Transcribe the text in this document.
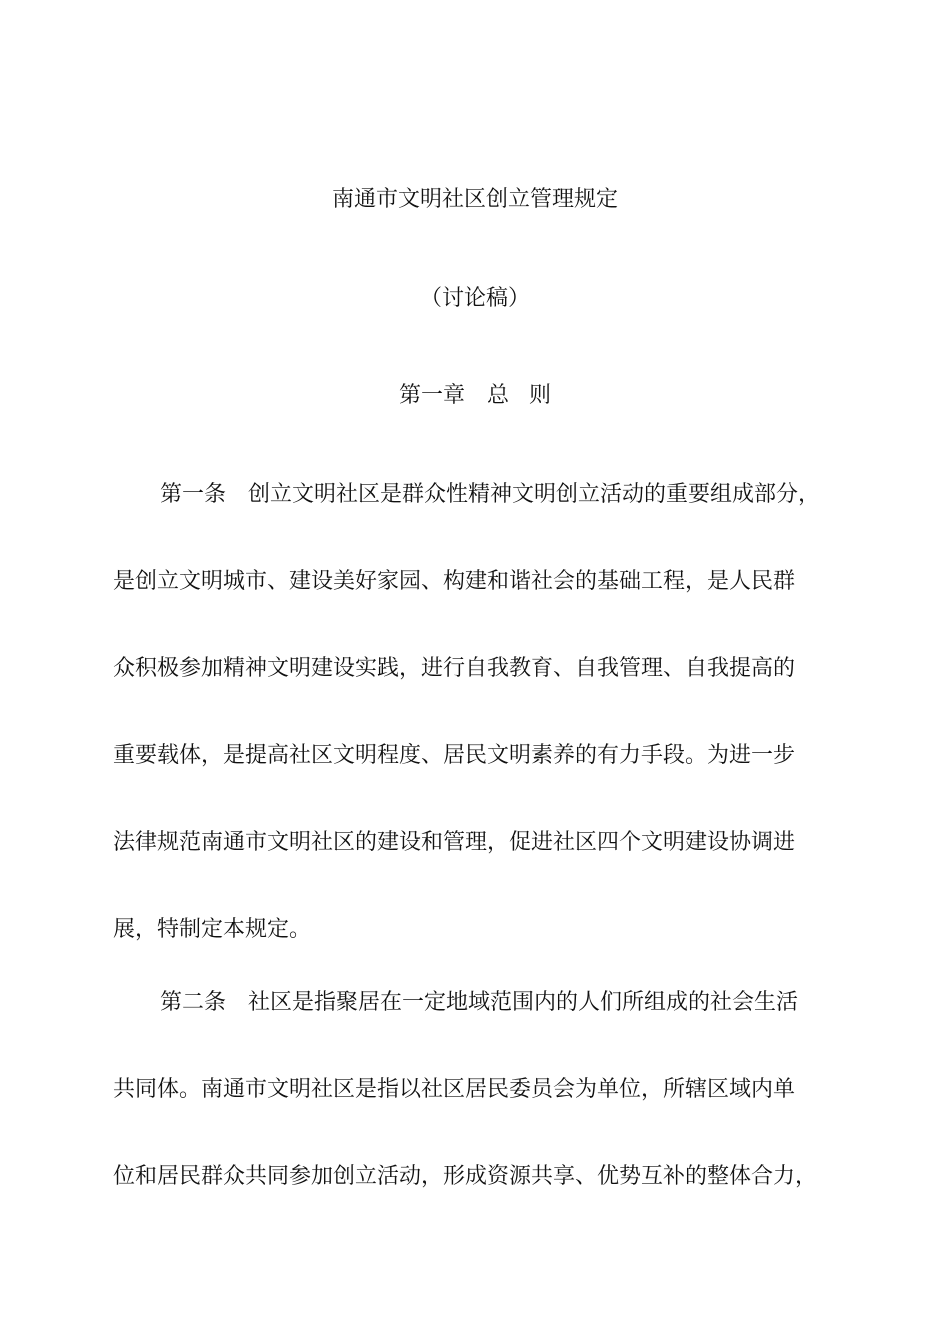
南通市文明社区创立管理规定
（讨论稿）
第一章 总 则
第一条 创立文明社区是群众性精神文明创立活动的重要组成部分，
是创立文明城市、建设美好家园、构建和谐社会的基础工程，是人民群
众积极参加精神文明建设实践，进行自我教育、自我管理、自我提高的
重要载体，是提高社区文明程度、居民文明素养的有力手段。为进一步
法律规范南通市文明社区的建设和管理，促进社区四个文明建设协调进
展，特制定本规定。
第二条 社区是指聚居在一定地域范围内的人们所组成的社会生活
共同体。南通市文明社区是指以社区居民委员会为单位，所辖区域内单
位和居民群众共同参加创立活动，形成资源共享、优势互补的整体合力，
